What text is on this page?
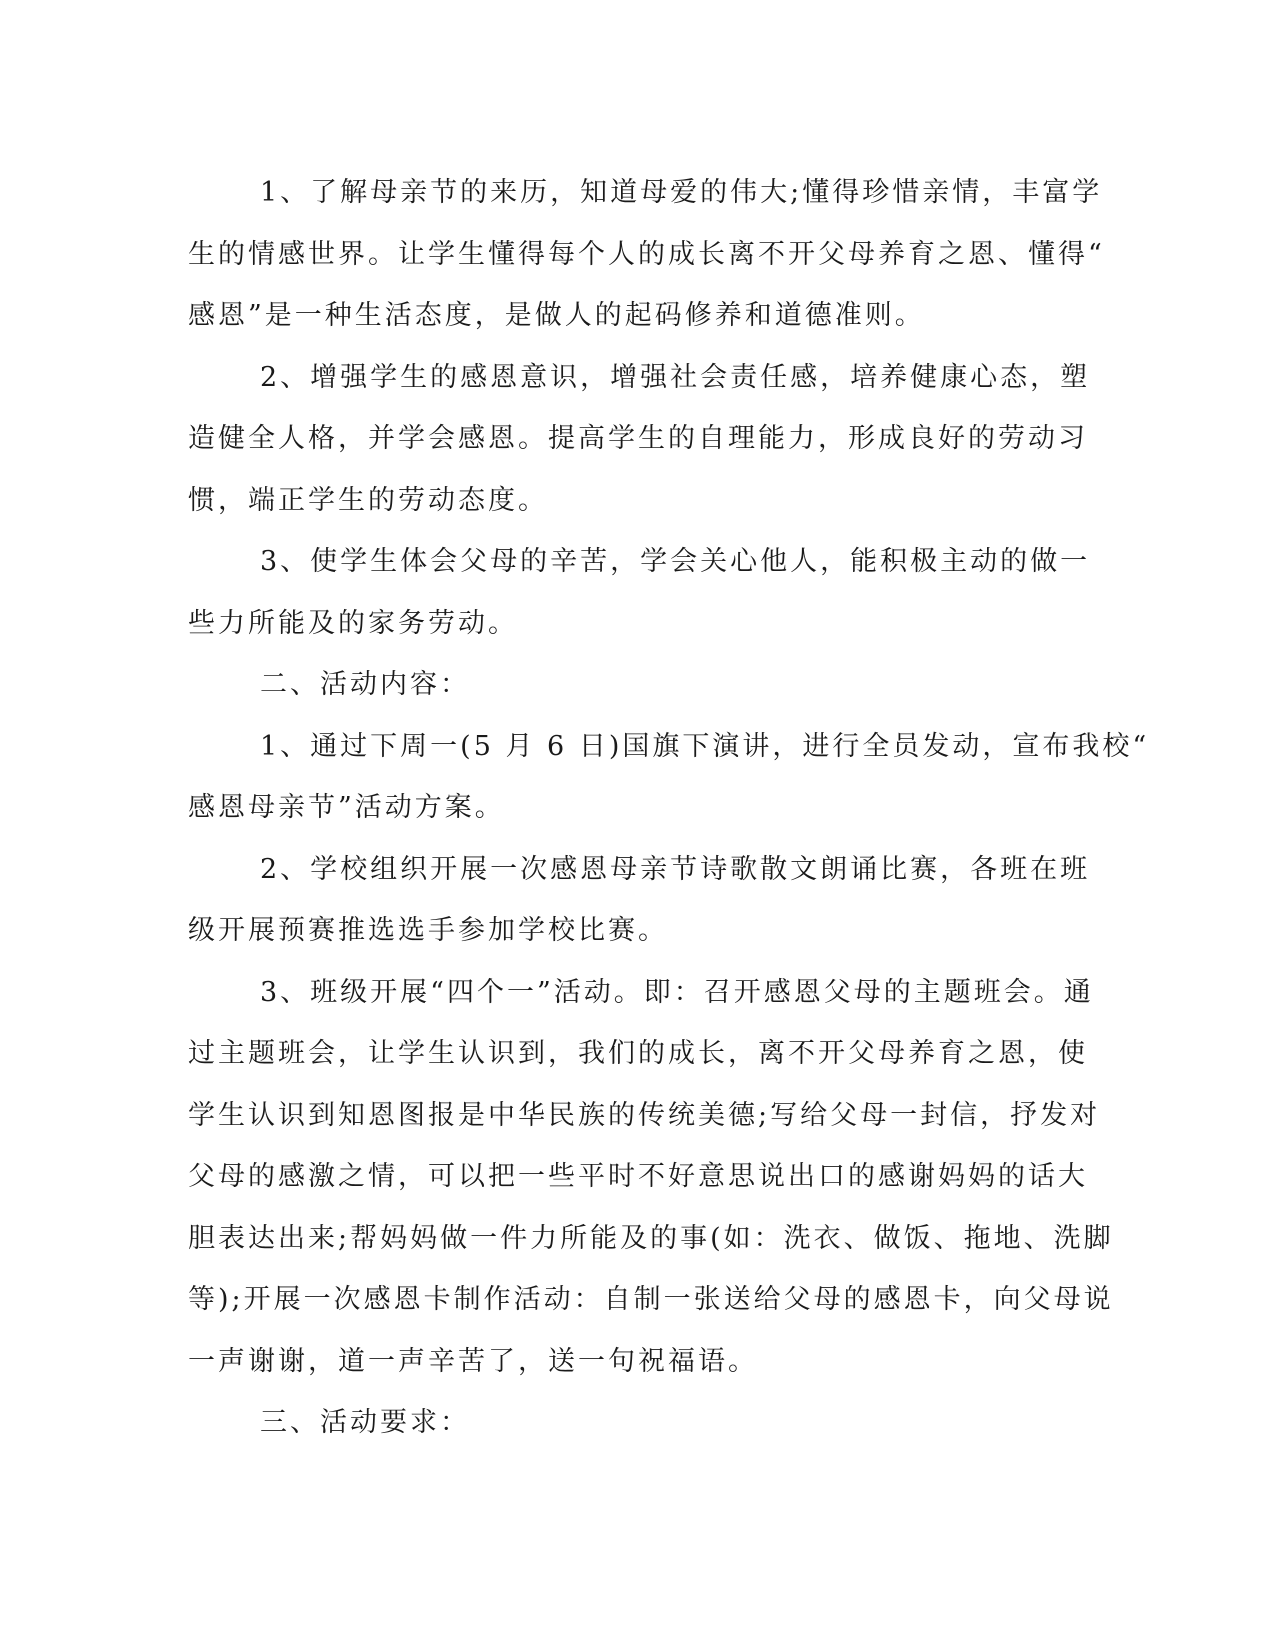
1、了解母亲节的来历，知道母爱的伟大;懂得珍惜亲情，丰富学
生的情感世界。让学生懂得每个人的成长离不开父母养育之恩、懂得“
感恩”是一种生活态度，是做人的起码修养和道德准则。
2、增强学生的感恩意识，增强社会责任感，培养健康心态，塑
造健全人格，并学会感恩。提高学生的自理能力，形成良好的劳动习
惯，端正学生的劳动态度。
3、使学生体会父母的辛苦，学会关心他人，能积极主动的做一
些力所能及的家务劳动。
二、活动内容：
1、通过下周一(5 月 6 日)国旗下演讲，进行全员发动，宣布我校“
感恩母亲节”活动方案。
2、学校组织开展一次感恩母亲节诗歌散文朗诵比赛，各班在班
级开展预赛推选选手参加学校比赛。
3、班级开展“四个一”活动。即：召开感恩父母的主题班会。通
过主题班会，让学生认识到，我们的成长，离不开父母养育之恩，使
学生认识到知恩图报是中华民族的传统美德;写给父母一封信，抒发对
父母的感激之情，可以把一些平时不好意思说出口的感谢妈妈的话大
胆表达出来;帮妈妈做一件力所能及的事(如：洗衣、做饭、拖地、洗脚
等);开展一次感恩卡制作活动：自制一张送给父母的感恩卡，向父母说
一声谢谢，道一声辛苦了，送一句祝福语。
三、活动要求：
